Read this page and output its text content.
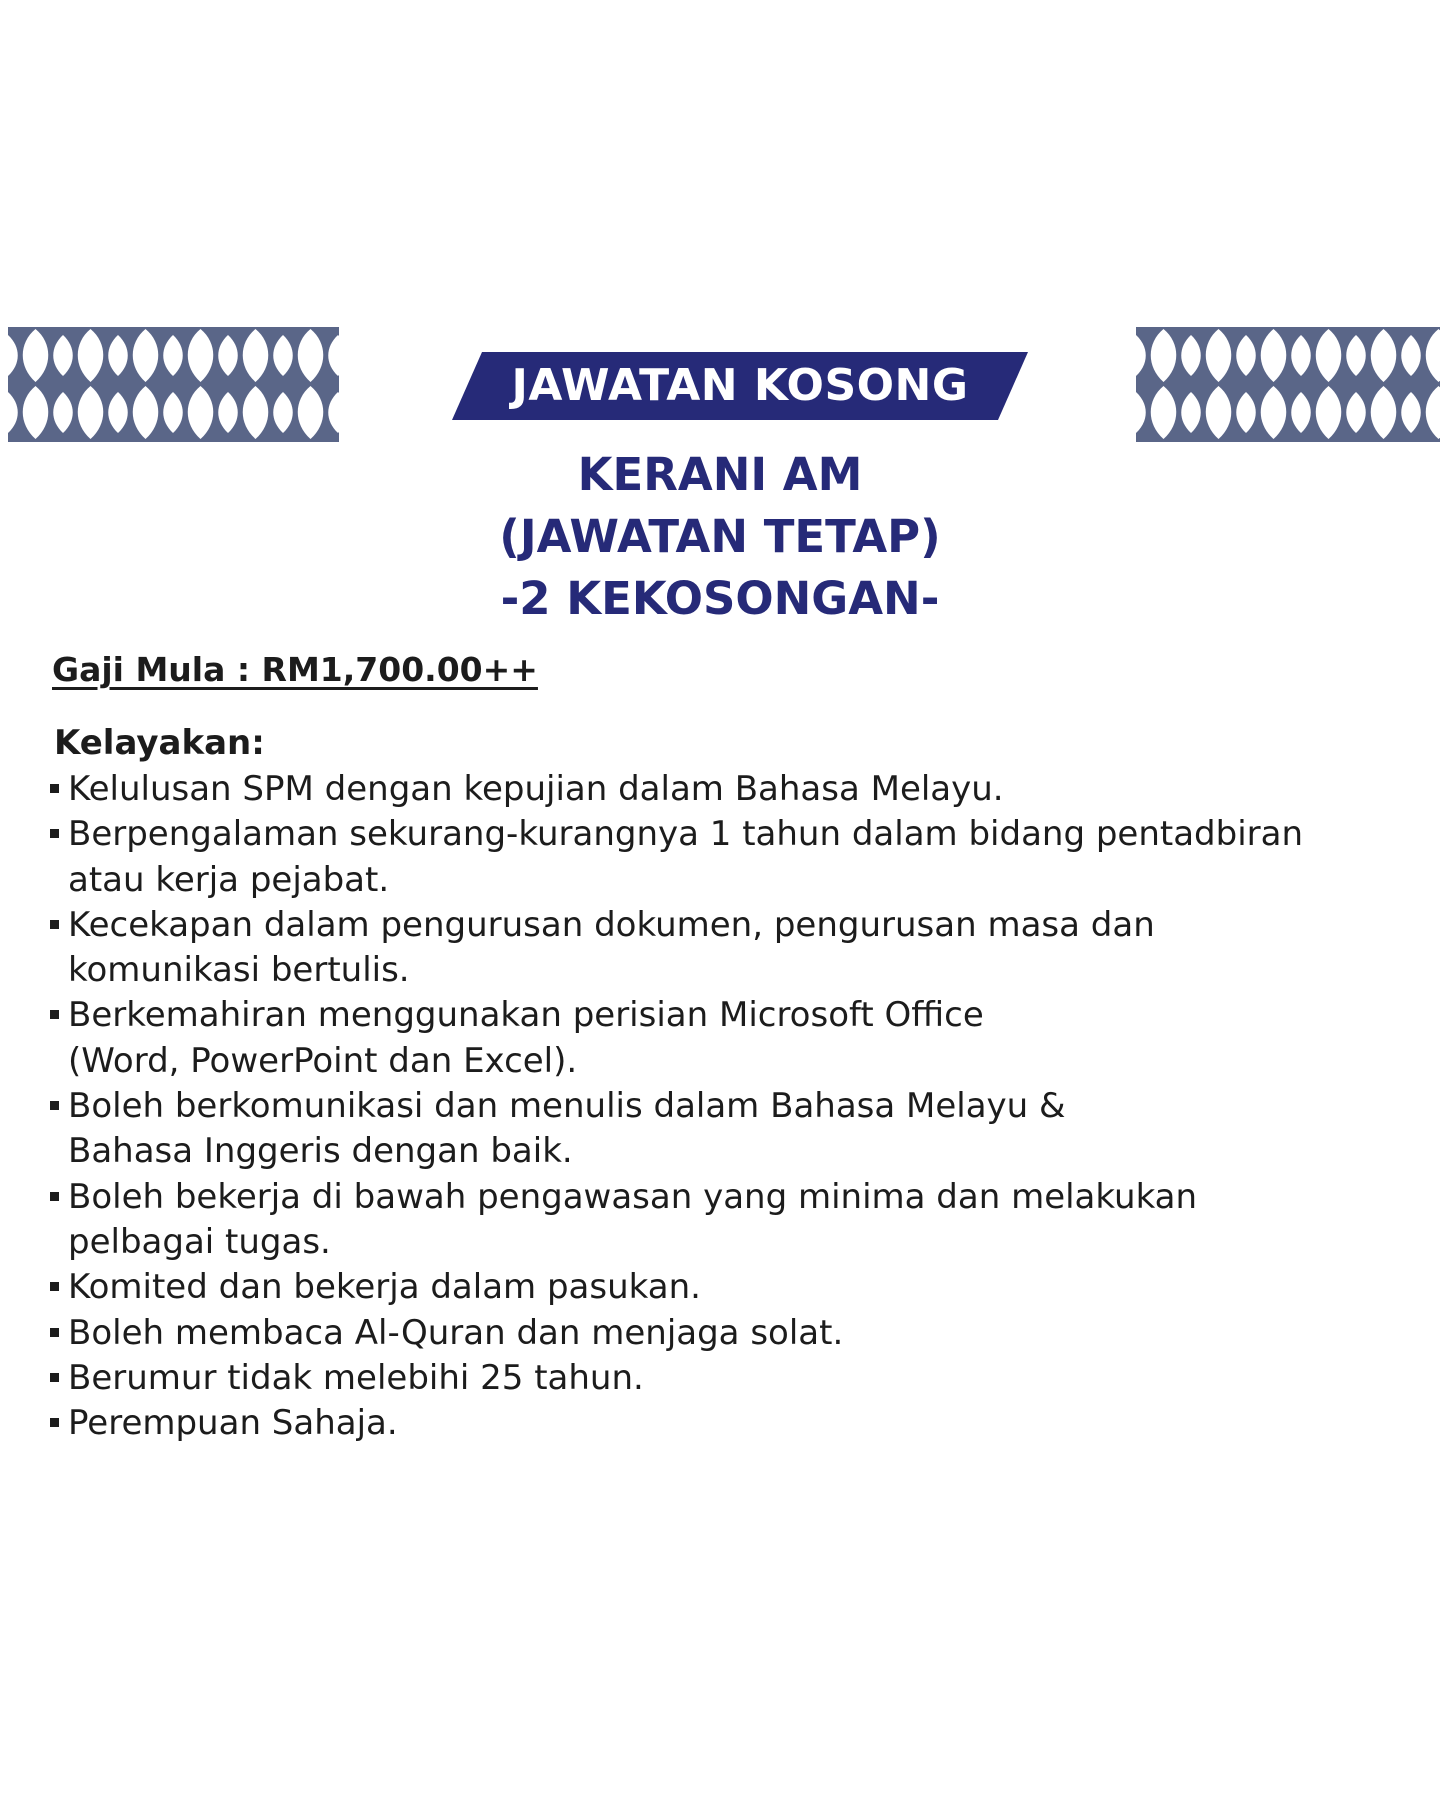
JAWATAN KOSONG
KERANI AM
(JAWATAN TETAP)
-2 KEKOSONGAN-
Gaji Mula : RM1,700.00++
Kelayakan:
Kelulusan SPM dengan kepujian dalam Bahasa Melayu.
Berpengalaman sekurang-kurangnya 1 tahun dalam bidang pentadbiran
atau kerja pejabat.
Kecekapan dalam pengurusan dokumen, pengurusan masa dan
komunikasi bertulis.
Berkemahiran menggunakan perisian Microsoft Office
(Word, PowerPoint dan Excel).
Boleh berkomunikasi dan menulis dalam Bahasa Melayu &
Bahasa Inggeris dengan baik.
Boleh bekerja di bawah pengawasan yang minima dan melakukan
pelbagai tugas.
Komited dan bekerja dalam pasukan.
Boleh membaca Al-Quran dan menjaga solat.
Berumur tidak melebihi 25 tahun.
Perempuan Sahaja.
